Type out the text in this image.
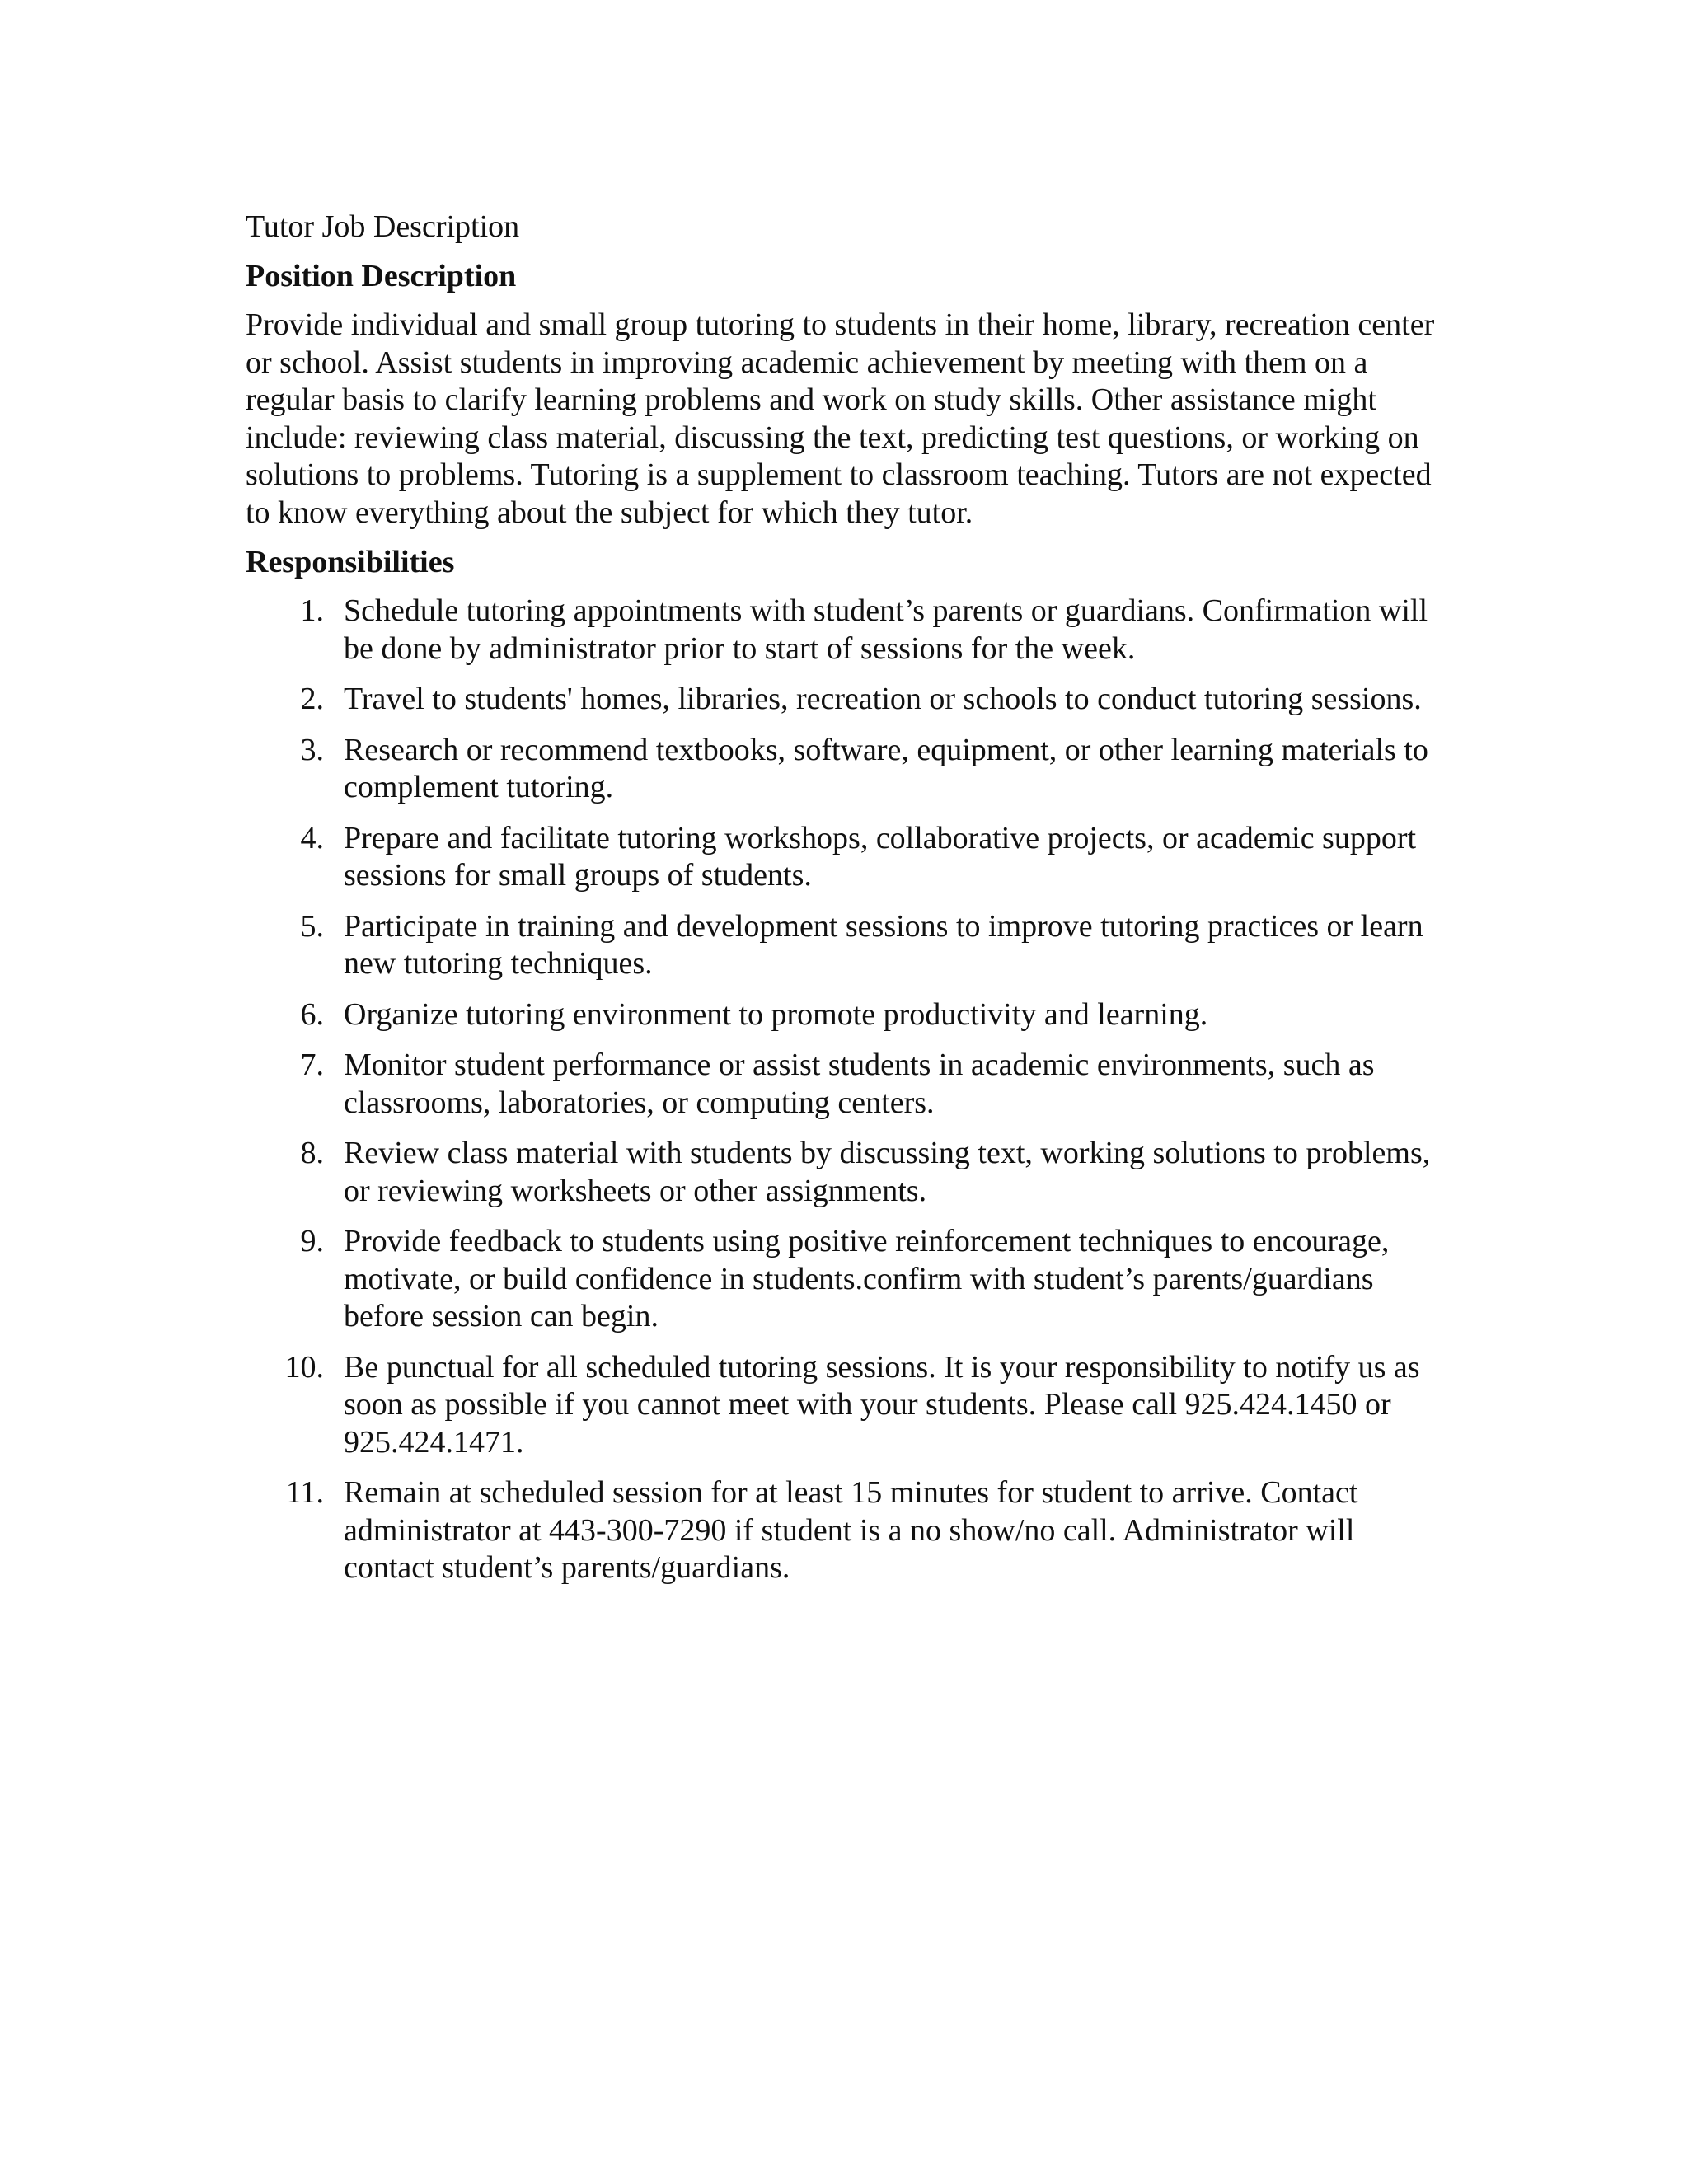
Tutor Job Description
Position Description

Provide individual and small group tutoring to students in their home, library, recreation center or school. Assist students in improving academic achievement by meeting with them on a regular basis to clarify learning problems and work on study skills. Other assistance might include: reviewing class material, discussing the text, predicting test questions, or working on solutions to problems. Tutoring is a supplement to classroom teaching. Tutors are not expected to know everything about the subject for which they tutor.

Responsibilities
1. Schedule tutoring appointments with student’s parents or guardians. Confirmation will be done by administrator prior to start of sessions for the week.
2. Travel to students' homes, libraries, recreation or schools to conduct tutoring sessions.
3. Research or recommend textbooks, software, equipment, or other learning materials to complement tutoring.
4. Prepare and facilitate tutoring workshops, collaborative projects, or academic support sessions for small groups of students.
5. Participate in training and development sessions to improve tutoring practices or learn new tutoring techniques.
6. Organize tutoring environment to promote productivity and learning.
7. Monitor student performance or assist students in academic environments, such as classrooms, laboratories, or computing centers.
8. Review class material with students by discussing text, working solutions to problems, or reviewing worksheets or other assignments.
9. Provide feedback to students using positive reinforcement techniques to encourage, motivate, or build confidence in students.confirm with student’s parents/guardians before session can begin.
10. Be punctual for all scheduled tutoring sessions. It is your responsibility to notify us as soon as possible if you cannot meet with your students. Please call 925.424.1450 or 925.424.1471.
11. Remain at scheduled session for at least 15 minutes for student to arrive. Contact administrator at 443-300-7290 if student is a no show/no call. Administrator will contact student’s parents/guardians.
